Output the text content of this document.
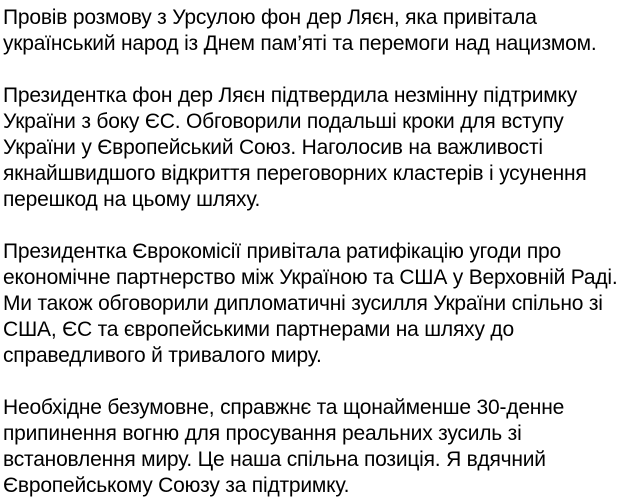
Провів розмову з Урсулою фон дер Ляєн, яка привітала
український народ із Днем пам’яті та перемоги над нацизмом.
Президентка фон дер Ляєн підтвердила незмінну підтримку
України з боку ЄС. Обговорили подальші кроки для вступу
України у Європейський Союз. Наголосив на важливості
якнайшвидшого відкриття переговорних кластерів і усунення
перешкод на цьому шляху.
Президентка Єврокомісії привітала ратифікацію угоди про
економічне партнерство між Україною та США у Верховній Раді.
Ми також обговорили дипломатичні зусилля України спільно зі
США, ЄС та європейськими партнерами на шляху до
справедливого й тривалого миру.
Необхідне безумовне, справжнє та щонайменше 30-денне
припинення вогню для просування реальних зусиль зі
встановлення миру. Це наша спільна позиція. Я вдячний
Європейському Союзу за підтримку.
